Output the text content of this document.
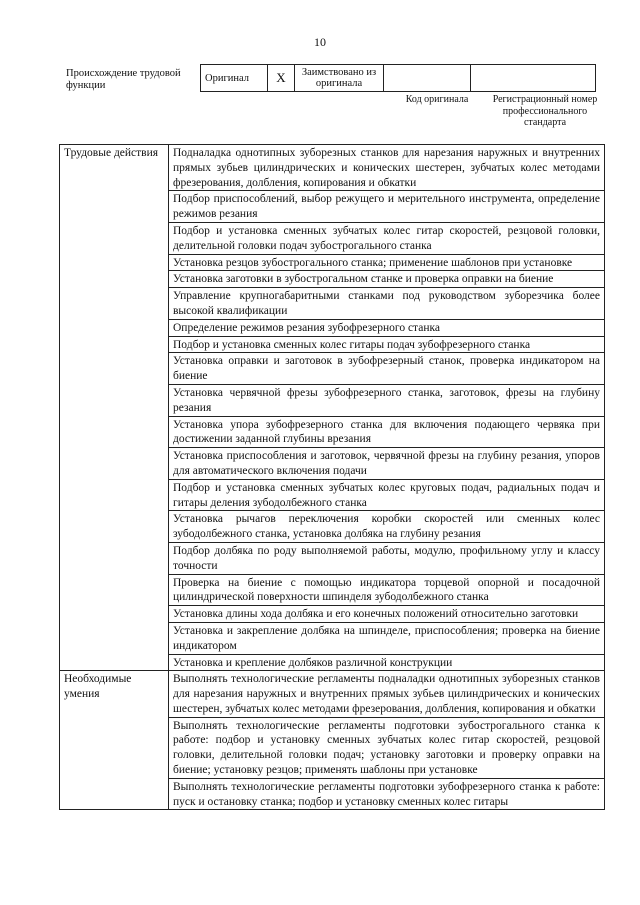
10
Происхождение трудовой функции
Оригинал	X	Заимствовано из оригинала		
Код оригинала	Регистрационный номер профессионального стандарта
Трудовые действия	Подналадка однотипных зуборезных станков для нарезания наружных и внутренних прямых зубьев цилиндрических и конических шестерен, зубчатых колес методами фрезерования, долбления, копирования и обкатки
	Подбор приспособлений, выбор режущего и мерительного инструмента, определение режимов резания
	Подбор и установка сменных зубчатых колес гитар скоростей, резцовой головки, делительной головки подач зубострогального станка
	Установка резцов зубострогального станка; применение шаблонов при установке
	Установка заготовки в зубострогальном станке и проверка оправки на биение
	Управление крупногабаритными станками под руководством зуборезчика более высокой квалификации
	Определение режимов резания зубофрезерного станка
	Подбор и установка сменных колес гитары подач зубофрезерного станка
	Установка оправки и заготовок в зубофрезерный станок, проверка индикатором на биение
	Установка червячной фрезы зубофрезерного станка, заготовок, фрезы на глубину резания
	Установка упора зубофрезерного станка для включения подающего червяка при достижении заданной глубины врезания
	Установка приспособления и заготовок, червячной фрезы на глубину резания, упоров для автоматического включения подачи
	Подбор и установка сменных зубчатых колес круговых подач, радиальных подач и гитары деления зубодолбежного станка
	Установка рычагов переключения коробки скоростей или сменных колес зубодолбежного станка, установка долбяка на глубину резания
	Подбор долбяка по роду выполняемой работы, модулю, профильному углу и классу точности
	Проверка на биение с помощью индикатора торцевой опорной и посадочной цилиндрической поверхности шпинделя зубодолбежного станка
	Установка длины хода долбяка и его конечных положений относительно заготовки
	Установка и закрепление долбяка на шпинделе, приспособления; проверка на биение индикатором
	Установка и крепление долбяков различной конструкции
Необходимые умения	Выполнять технологические регламенты подналадки однотипных зуборезных станков для нарезания наружных и внутренних прямых зубьев цилиндрических и конических шестерен, зубчатых колес методами фрезерования, долбления, копирования и обкатки
	Выполнять технологические регламенты подготовки зубострогального станка к работе: подбор и установку сменных зубчатых колес гитар скоростей, резцовой головки, делительной головки подач; установку заготовки и проверку оправки на биение; установку резцов; применять шаблоны при установке
	Выполнять технологические регламенты подготовки зубофрезерного станка к работе: пуск и остановку станка; подбор и установку сменных колес гитары
